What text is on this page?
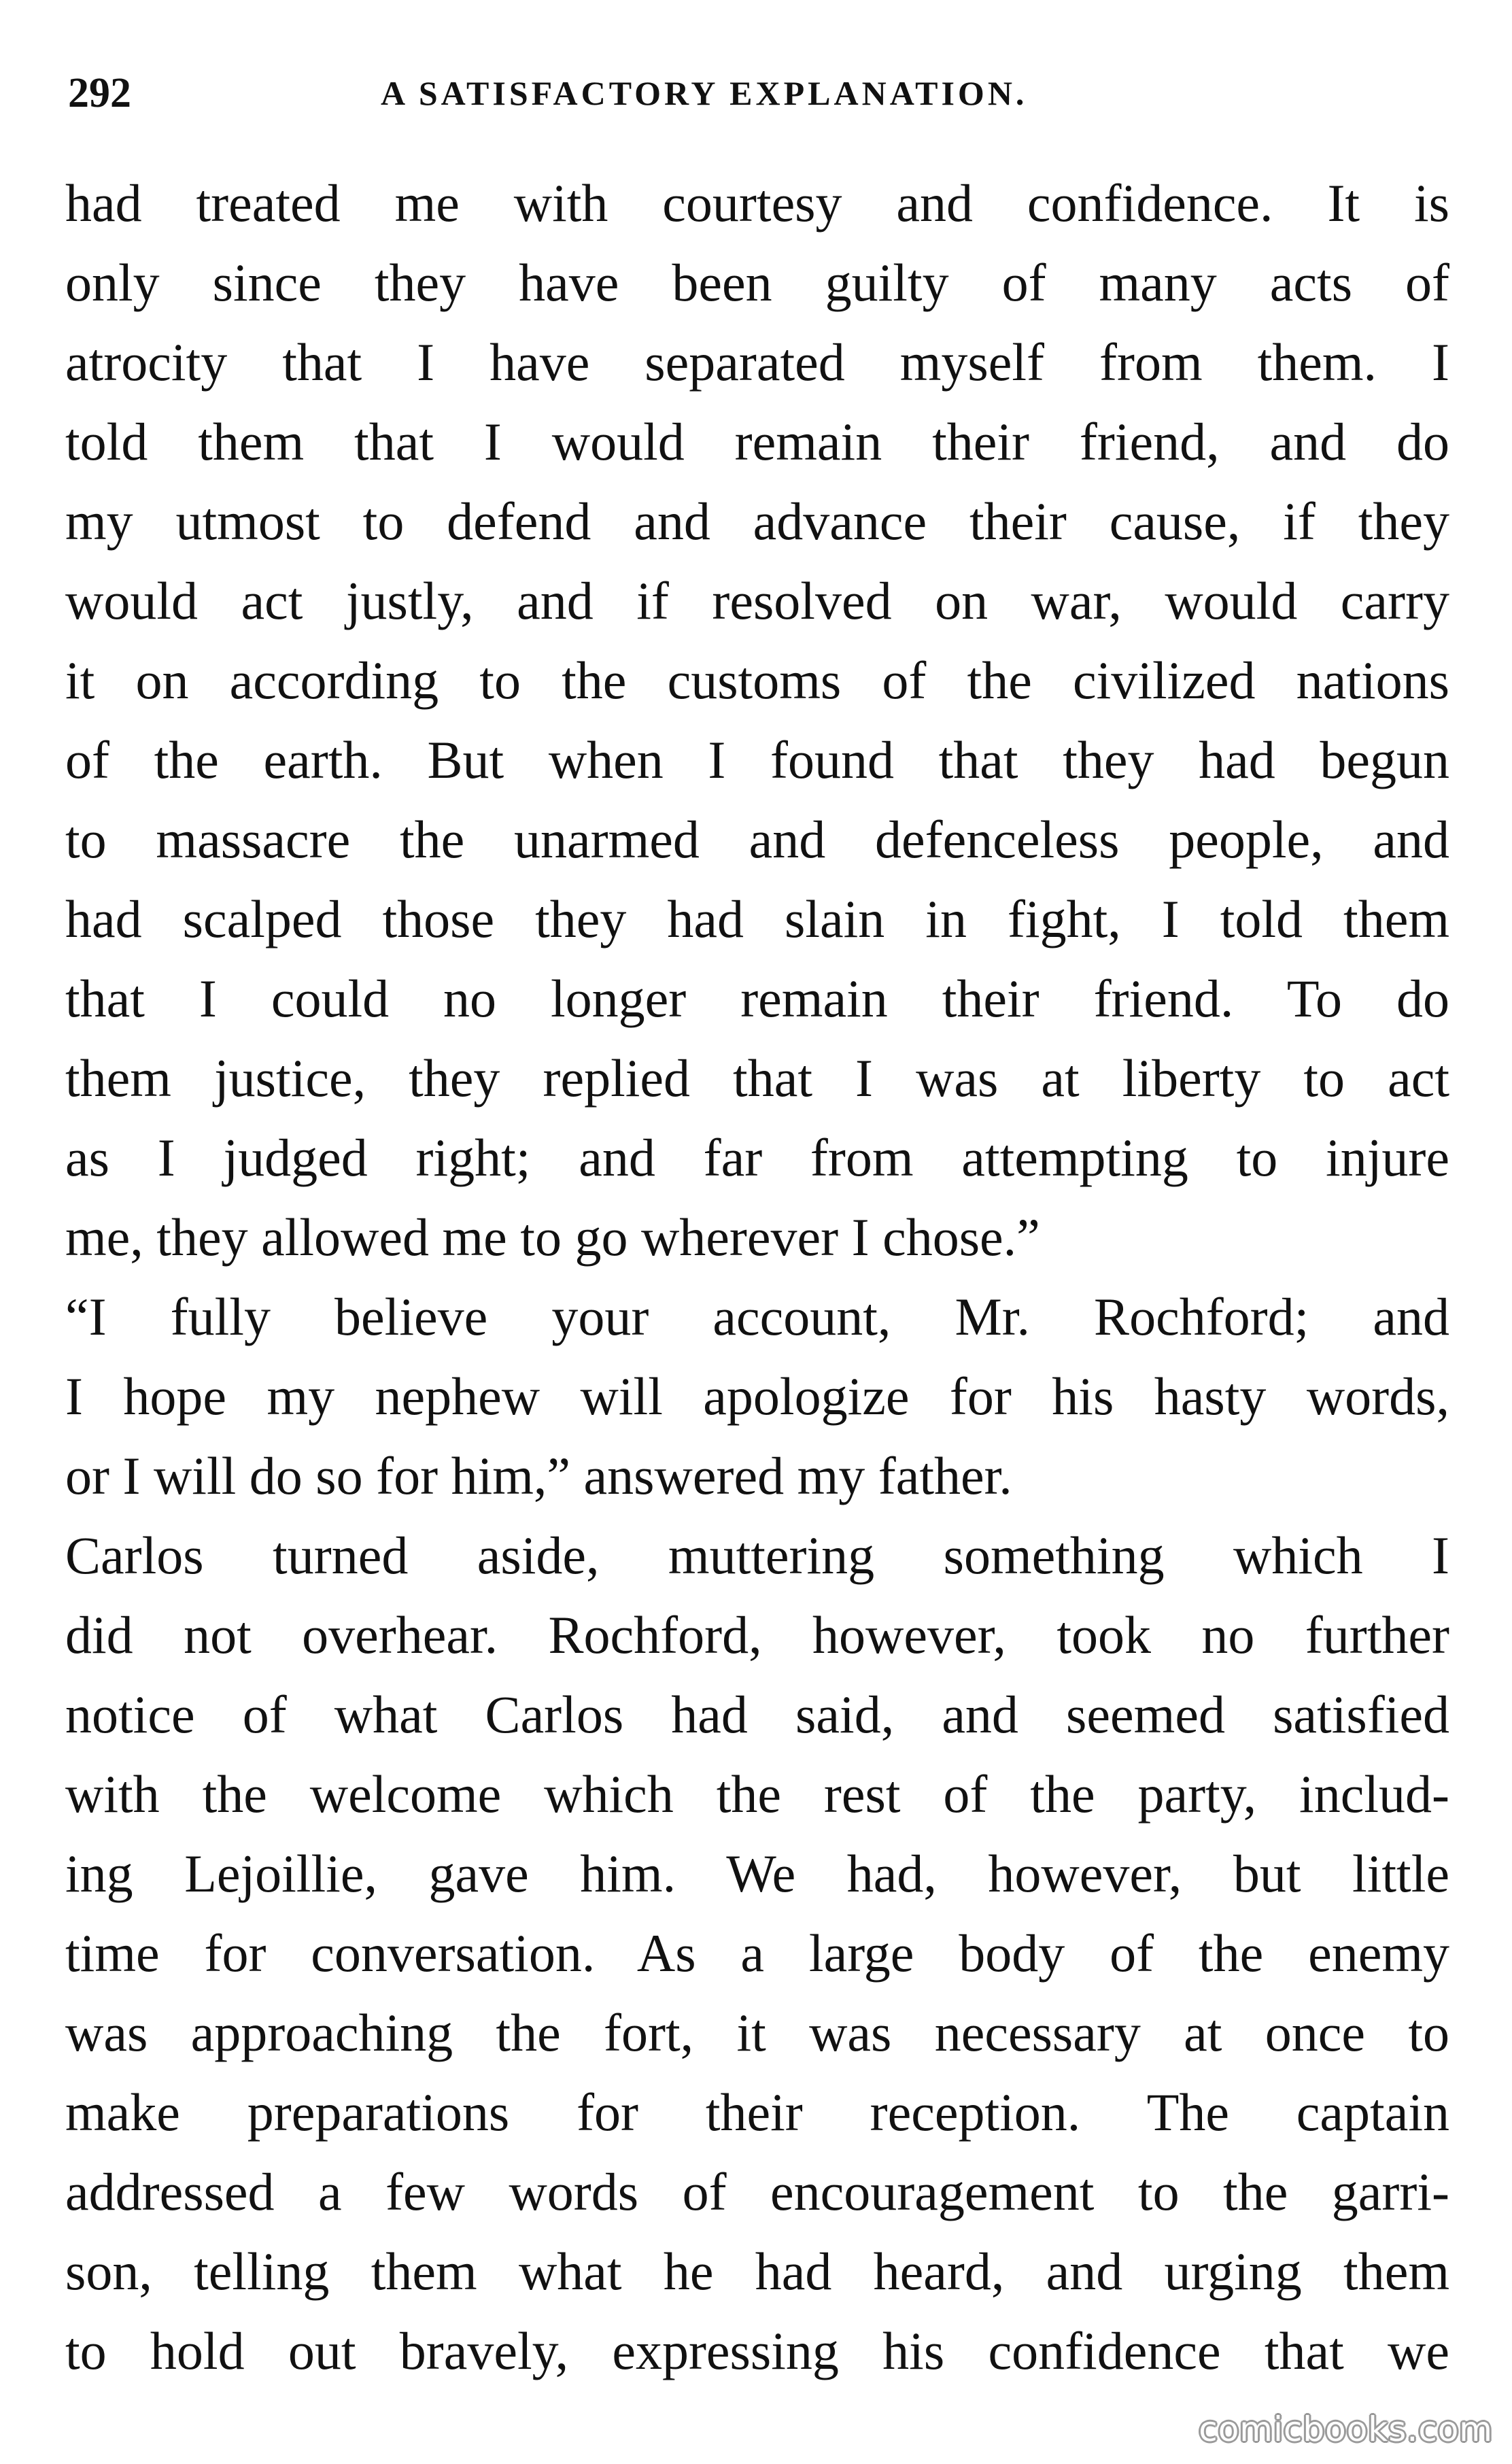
292	A SATISFACTORY EXPLANATION.
had treated me with courtesy and confidence. It is
only since they have been guilty of many acts of
atrocity that I have separated myself from them. I
told them that I would remain their friend, and do
my utmost to defend and advance their cause, if they
would act justly, and if resolved on war, would carry
it on according to the customs of the civilized nations
of the earth. But when I found that they had begun
to massacre the unarmed and defenceless people, and
had scalped those they had slain in fight, I told them
that I could no longer remain their friend. To do
them justice, they replied that I was at liberty to act
as I judged right; and far from attempting to injure
me, they allowed me to go wherever I chose.”
“I fully believe your account, Mr. Rochford; and
I hope my nephew will apologize for his hasty words,
or I will do so for him,” answered my father.
Carlos turned aside, muttering something which I
did not overhear. Rochford, however, took no further
notice of what Carlos had said, and seemed satisfied
with the welcome which the rest of the party, includ-
ing Lejoillie, gave him. We had, however, but little
time for conversation. As a large body of the enemy
was approaching the fort, it was necessary at once to
make preparations for their reception. The captain
addressed a few words of encouragement to the garri-
son, telling them what he had heard, and urging them
to hold out bravely, expressing his confidence that we
comicbooks.com
